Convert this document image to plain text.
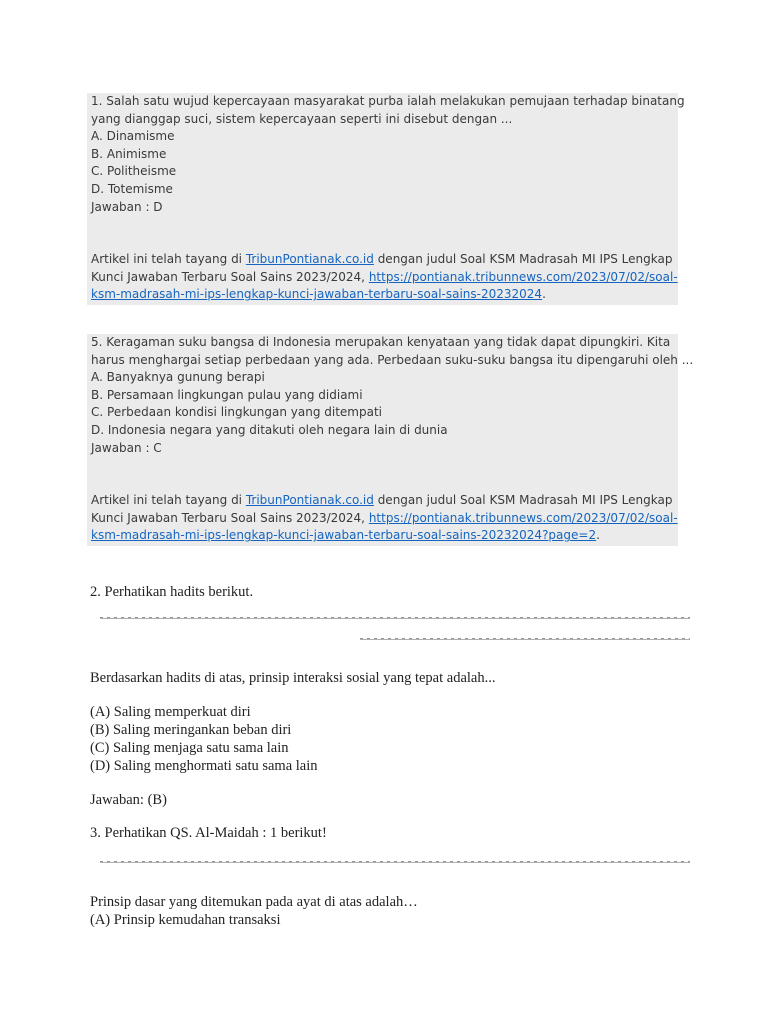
1. Salah satu wujud kepercayaan masyarakat purba ialah melakukan pemujaan terhadap binatang
yang dianggap suci, sistem kepercayaan seperti ini disebut dengan ...
A. Dinamisme
B. Animisme
C. Politheisme
D. Totemisme
Jawaban : D
Artikel ini telah tayang di TribunPontianak.co.id dengan judul Soal KSM Madrasah MI IPS Lengkap
Kunci Jawaban Terbaru Soal Sains 2023/2024, https://pontianak.tribunnews.com/2023/07/02/soal-
ksm-madrasah-mi-ips-lengkap-kunci-jawaban-terbaru-soal-sains-20232024.
5. Keragaman suku bangsa di Indonesia merupakan kenyataan yang tidak dapat dipungkiri. Kita
harus menghargai setiap perbedaan yang ada. Perbedaan suku-suku bangsa itu dipengaruhi oleh ...
A. Banyaknya gunung berapi
B. Persamaan lingkungan pulau yang didiami
C. Perbedaan kondisi lingkungan yang ditempati
D. Indonesia negara yang ditakuti oleh negara lain di dunia
Jawaban : C
Artikel ini telah tayang di TribunPontianak.co.id dengan judul Soal KSM Madrasah MI IPS Lengkap
Kunci Jawaban Terbaru Soal Sains 2023/2024, https://pontianak.tribunnews.com/2023/07/02/soal-
ksm-madrasah-mi-ips-lengkap-kunci-jawaban-terbaru-soal-sains-20232024?page=2.
2. Perhatikan hadits berikut.
Berdasarkan hadits di atas, prinsip interaksi sosial yang tepat adalah...
(A) Saling memperkuat diri
(B) Saling meringankan beban diri
(C) Saling menjaga satu sama lain
(D) Saling menghormati satu sama lain
Jawaban: (B)
3. Perhatikan QS. Al-Maidah : 1 berikut!
Prinsip dasar yang ditemukan pada ayat di atas adalah…
(A) Prinsip kemudahan transaksi
